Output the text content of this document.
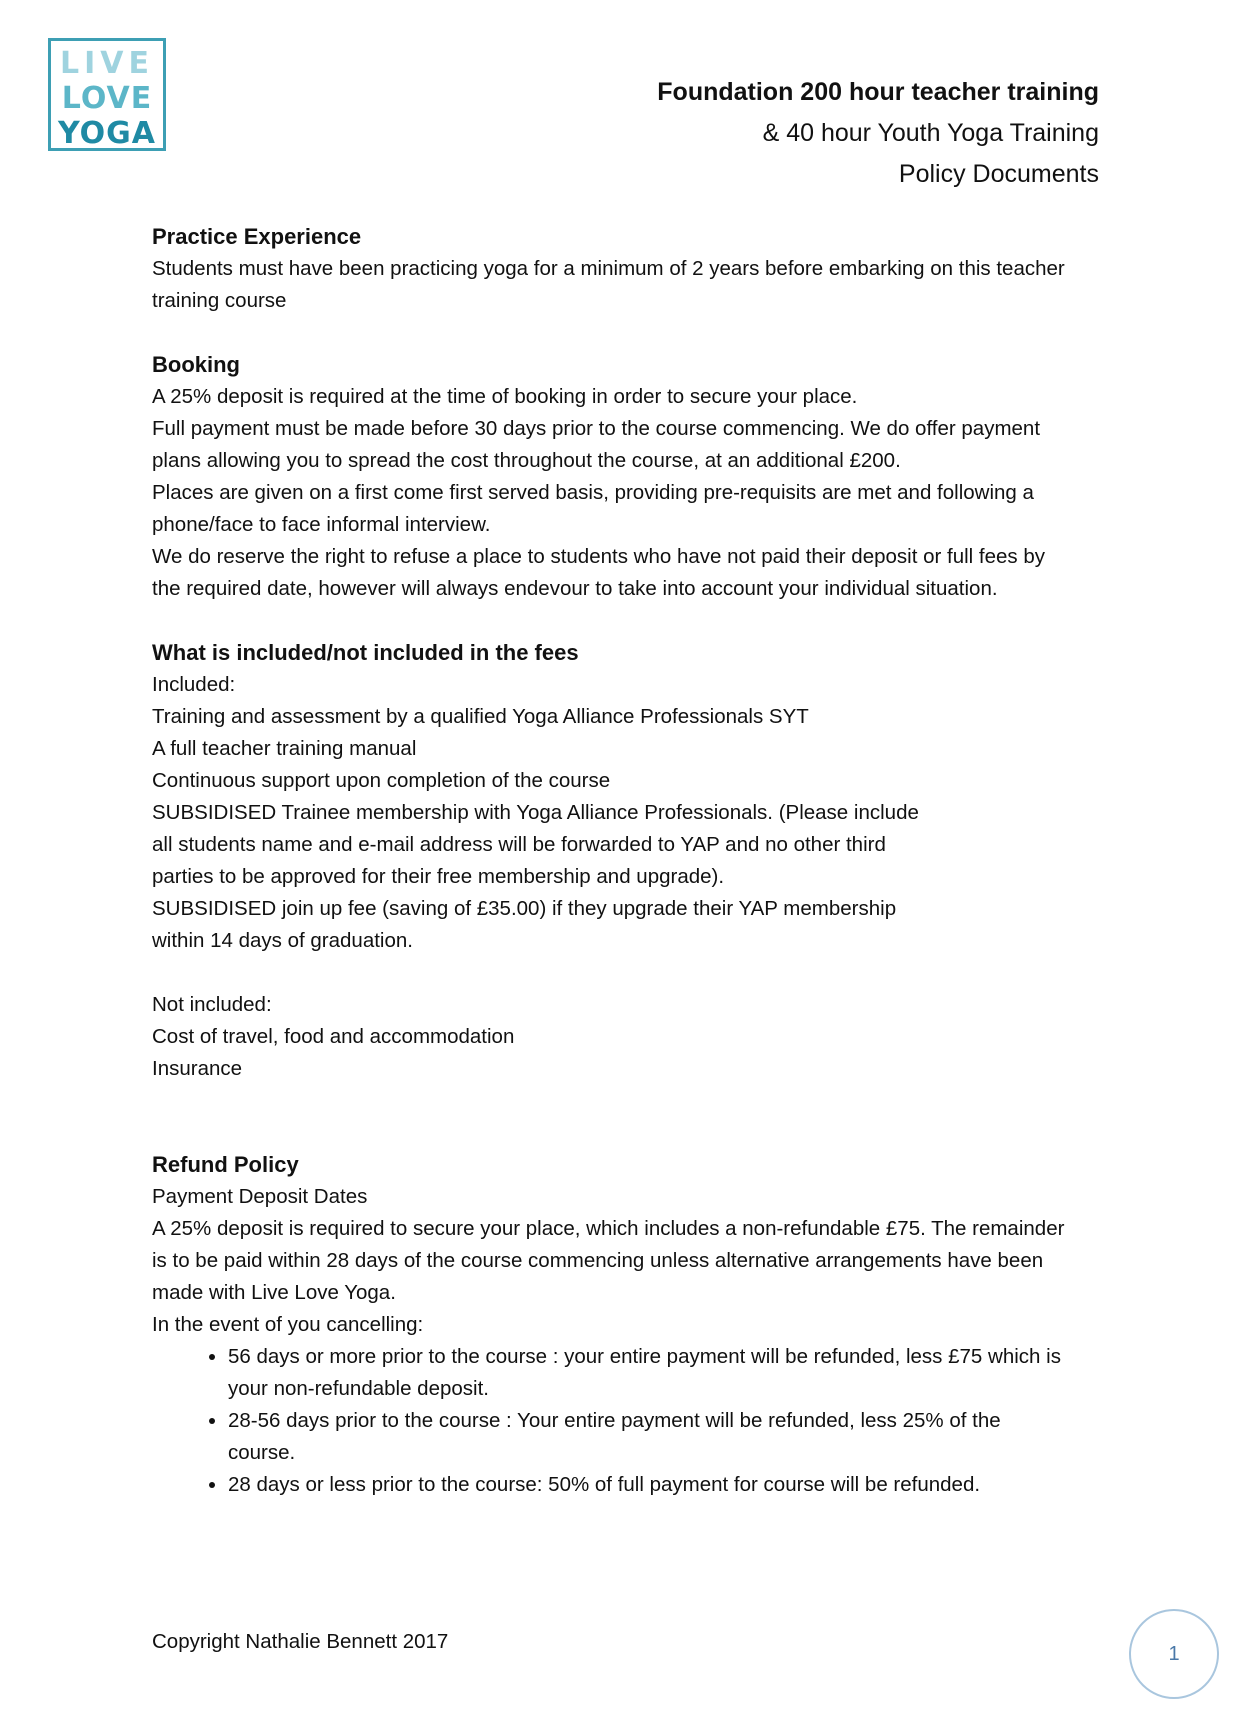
LIVE
LOVE
YOGA
Foundation 200 hour teacher training
& 40 hour Youth Yoga Training
Policy Documents
Practice Experience
Students must have been practicing yoga for a minimum of 2 years before embarking on this teacher
training course
Booking
A 25% deposit is required at the time of booking in order to secure your place.
Full payment must be made before 30 days prior to the course commencing. We do offer payment
plans allowing you to spread the cost throughout the course, at an additional £200.
Places are given on a first come first served basis, providing pre-requisits are met and following a
phone/face to face informal interview.
We do reserve the right to refuse a place to students who have not paid their deposit or full fees by
the required date, however will always endevour to take into account your individual situation.
What is included/not included in the fees
Included:
Training and assessment by a qualified Yoga Alliance Professionals SYT
A full teacher training manual
Continuous support upon completion of the course
SUBSIDISED Trainee membership with Yoga Alliance Professionals. (Please include
all students name and e-mail address will be forwarded to YAP and no other third
parties to be approved for their free membership and upgrade).
SUBSIDISED join up fee (saving of £35.00) if they upgrade their YAP membership
within 14 days of graduation.
Not included:
Cost of travel, food and accommodation
Insurance
Refund Policy
Payment Deposit Dates
A 25% deposit is required to secure your place, which includes a non-refundable £75. The remainder
is to be paid within 28 days of the course commencing unless alternative arrangements have been
made with Live Love Yoga.
In the event of you cancelling:
• 56 days or more prior to the course : your entire payment will be refunded, less £75 which is
your non-refundable deposit.
• 28-56 days prior to the course : Your entire payment will be refunded, less 25% of the
course.
• 28 days or less prior to the course: 50% of full payment for course will be refunded.
Copyright Nathalie Bennett 2017
1
